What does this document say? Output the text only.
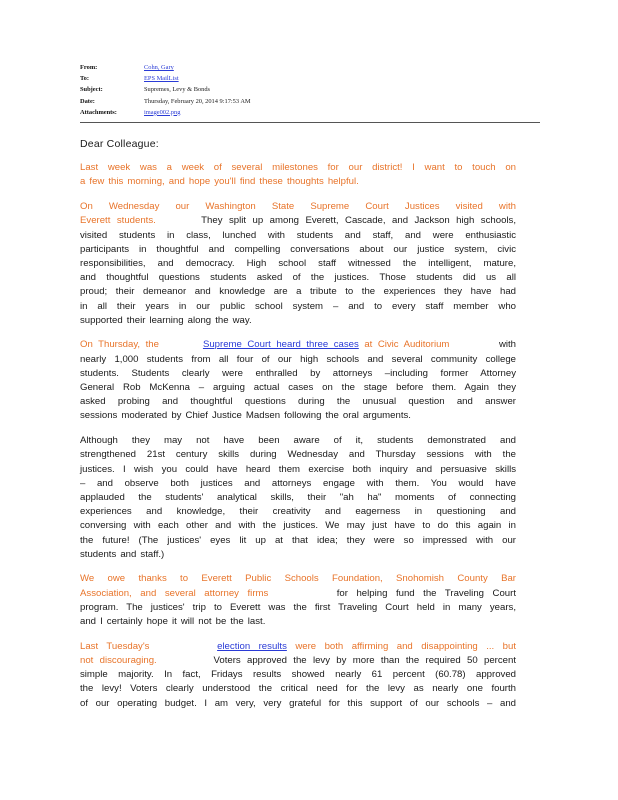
From:	Cohn, Gary
To:	EPS MailList
Subject:	Supremes, Levy & Bonds
Date:	Thursday, February 20, 2014 9:17:53 AM
Attachments:	image002.png
Dear Colleague:
Last week was a week of several milestones for our district! I want to touch on
a few this morning, and hope you'll find these thoughts helpful.
On Wednesday our Washington State Supreme Court Justices visited with
Everett students.	They split up among Everett, Cascade, and Jackson high schools,
visited students in class, lunched with students and staff, and were enthusiastic
participants in thoughtful and compelling conversations about our justice system, civic
responsibilities, and democracy. High school staff witnessed the intelligent, mature,
and thoughtful questions students asked of the justices. Those students did us all
proud; their demeanor and knowledge are a tribute to the experiences they have had
in all their years in our public school system – and to every staff member who
supported their learning along the way.
On Thursday, the	Supreme Court heard three cases at Civic Auditorium	with
nearly 1,000 students from all four of our high schools and several community college
students. Students clearly were enthralled by attorneys –including former Attorney
General Rob McKenna – arguing actual cases on the stage before them. Again they
asked probing and thoughtful questions during the unusual question and answer
sessions moderated by Chief Justice Madsen following the oral arguments.
Although they may not have been aware of it, students demonstrated and
strengthened 21st century skills during Wednesday and Thursday sessions with the
justices. I wish you could have heard them exercise both inquiry and persuasive skills
– and observe both justices and attorneys engage with them. You would have
applauded the students' analytical skills, their "ah ha" moments of connecting
experiences and knowledge, their creativity and eagerness in questioning and
conversing with each other and with the justices. We may just have to do this again in
the future! (The justices' eyes lit up at that idea; they were so impressed with our
students and staff.)
We owe thanks to Everett Public Schools Foundation, Snohomish County Bar
Association, and several attorney firms	for helping fund the Traveling Court
program. The justices' trip to Everett was the first Traveling Court held in many years,
and I certainly hope it will not be the last.
Last Tuesday's	election results were both affirming and disappointing ... but
not discouraging.	Voters approved the levy by more than the required 50 percent
simple majority. In fact, Fridays results showed nearly 61 percent (60.78) approved
the levy! Voters clearly understood the critical need for the levy as nearly one fourth
of our operating budget. I am very, very grateful for this support of our schools – and
